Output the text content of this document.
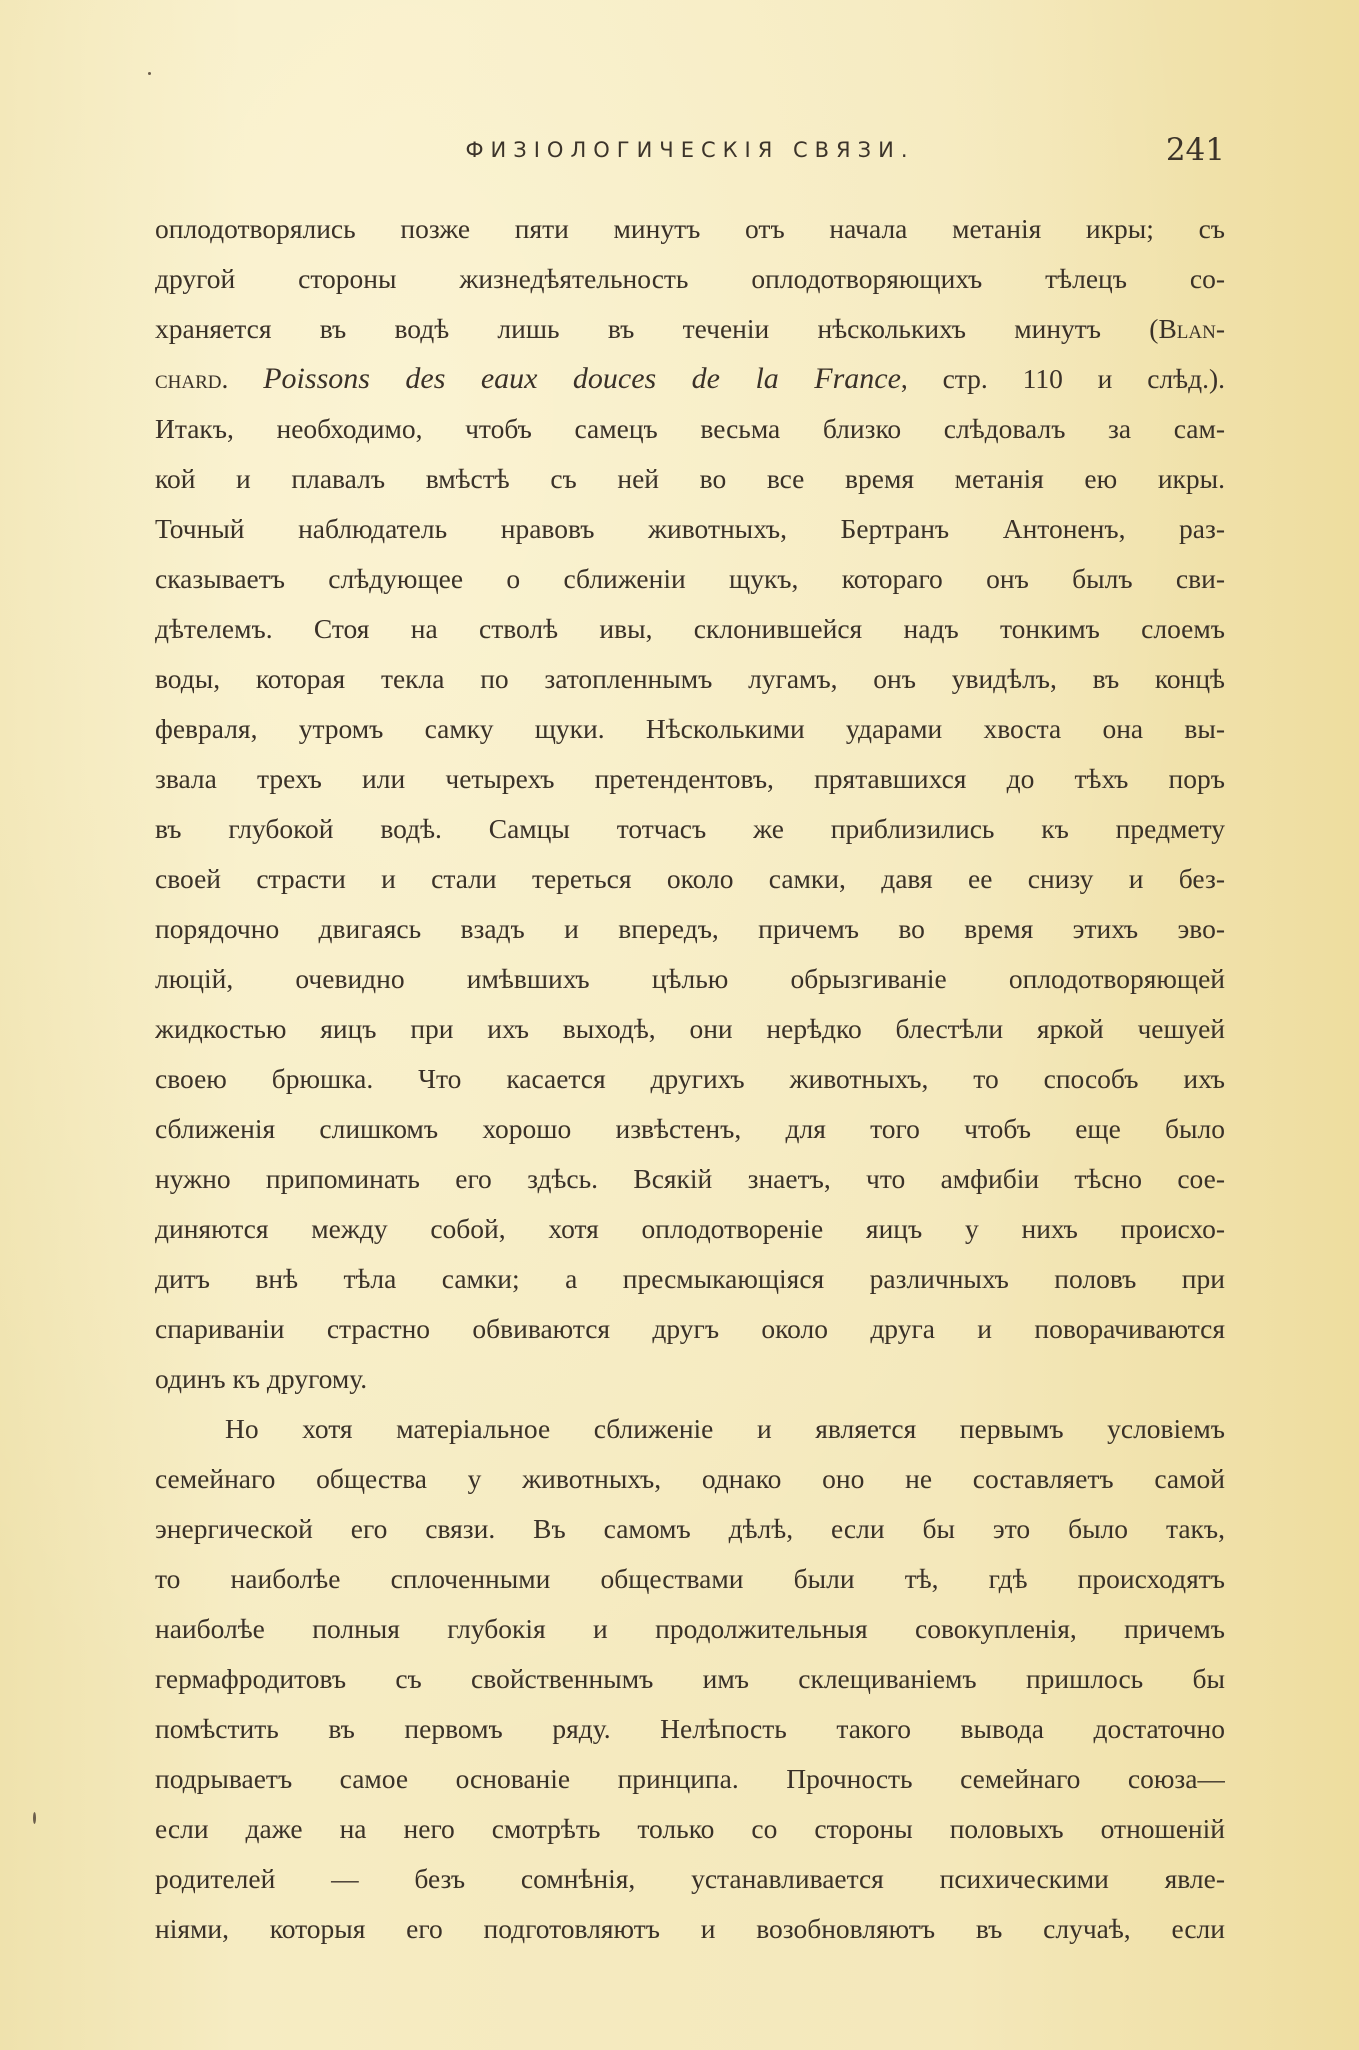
ФИЗІОЛОГИЧЕСКІЯ СВЯЗИ.	241
оплодотворялись позже пяти минутъ отъ начала метанія икры; съ
другой стороны жизнедѣятельность оплодотворяющихъ тѣлецъ со-
храняется въ водѣ лишь въ теченіи нѣсколькихъ минутъ (Blan-
chard. Poissons des eaux douces de la France, стр. 110 и слѣд.).
Итакъ, необходимо, чтобъ самецъ весьма близко слѣдовалъ за сам-
кой и плавалъ вмѣстѣ съ ней во все время метанія ею икры.
Точный наблюдатель нравовъ животныхъ, Бертранъ Антоненъ, раз-
сказываетъ слѣдующее о сближеніи щукъ, котораго онъ былъ сви-
дѣтелемъ. Стоя на стволѣ ивы, склонившейся надъ тонкимъ слоемъ
воды, которая текла по затопленнымъ лугамъ, онъ увидѣлъ, въ концѣ
февраля, утромъ самку щуки. Нѣсколькими ударами хвоста она вы-
звала трехъ или четырехъ претендентовъ, прятавшихся до тѣхъ поръ
въ глубокой водѣ. Самцы тотчасъ же приблизились къ предмету
своей страсти и стали тереться около самки, давя ее снизу и без-
порядочно двигаясь взадъ и впередъ, причемъ во время этихъ эво-
люцій, очевидно имѣвшихъ цѣлью обрызгиваніе оплодотворяющей
жидкостью яицъ при ихъ выходѣ, они нерѣдко блестѣли яркой чешуей
своею брюшка. Что касается другихъ животныхъ, то способъ ихъ
сближенія слишкомъ хорошо извѣстенъ, для того чтобъ еще было
нужно припоминать его здѣсь. Всякій знаетъ, что амфибіи тѣсно сое-
диняются между собой, хотя оплодотвореніе яицъ у нихъ происхо-
дитъ внѣ тѣла самки; а пресмыкающіяся различныхъ половъ при
спариваніи страстно обвиваются другъ около друга и поворачиваются
одинъ къ другому.
Но хотя матеріальное сближеніе и является первымъ условіемъ
семейнаго общества у животныхъ, однако оно не составляетъ самой
энергической его связи. Въ самомъ дѣлѣ, если бы это было такъ,
то наиболѣе сплоченными обществами были тѣ, гдѣ происходятъ
наиболѣе полныя глубокія и продолжительныя совокупленія, причемъ
гермафродитовъ съ свойственнымъ имъ склещиваніемъ пришлось бы
помѣстить въ первомъ ряду. Нелѣпость такого вывода достаточно
подрываетъ самое основаніе принципа. Прочность семейнаго союза—
если даже на него смотрѣть только со стороны половыхъ отношеній
родителей — безъ сомнѣнія, устанавливается психическими явле-
ніями, которыя его подготовляютъ и возобновляютъ въ случаѣ, если
